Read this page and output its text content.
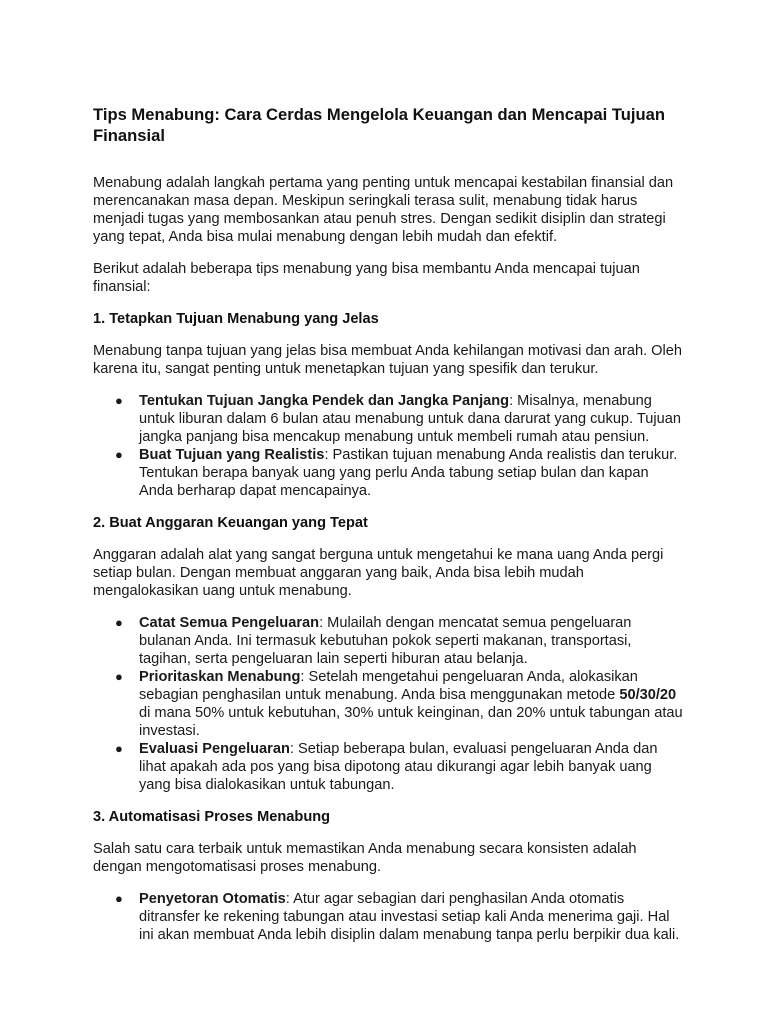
Tips Menabung: Cara Cerdas Mengelola Keuangan dan Mencapai Tujuan Finansial

Menabung adalah langkah pertama yang penting untuk mencapai kestabilan finansial dan merencanakan masa depan. Meskipun seringkali terasa sulit, menabung tidak harus menjadi tugas yang membosankan atau penuh stres. Dengan sedikit disiplin dan strategi yang tepat, Anda bisa mulai menabung dengan lebih mudah dan efektif.

Berikut adalah beberapa tips menabung yang bisa membantu Anda mencapai tujuan finansial:

1. Tetapkan Tujuan Menabung yang Jelas

Menabung tanpa tujuan yang jelas bisa membuat Anda kehilangan motivasi dan arah. Oleh karena itu, sangat penting untuk menetapkan tujuan yang spesifik dan terukur.

● Tentukan Tujuan Jangka Pendek dan Jangka Panjang: Misalnya, menabung untuk liburan dalam 6 bulan atau menabung untuk dana darurat yang cukup. Tujuan jangka panjang bisa mencakup menabung untuk membeli rumah atau pensiun.
● Buat Tujuan yang Realistis: Pastikan tujuan menabung Anda realistis dan terukur. Tentukan berapa banyak uang yang perlu Anda tabung setiap bulan dan kapan Anda berharap dapat mencapainya.
2. Buat Anggaran Keuangan yang Tepat

Anggaran adalah alat yang sangat berguna untuk mengetahui ke mana uang Anda pergi setiap bulan. Dengan membuat anggaran yang baik, Anda bisa lebih mudah mengalokasikan uang untuk menabung.

● Catat Semua Pengeluaran: Mulailah dengan mencatat semua pengeluaran bulanan Anda. Ini termasuk kebutuhan pokok seperti makanan, transportasi, tagihan, serta pengeluaran lain seperti hiburan atau belanja.
● Prioritaskan Menabung: Setelah mengetahui pengeluaran Anda, alokasikan sebagian penghasilan untuk menabung. Anda bisa menggunakan metode 50/30/20 di mana 50% untuk kebutuhan, 30% untuk keinginan, dan 20% untuk tabungan atau investasi.
● Evaluasi Pengeluaran: Setiap beberapa bulan, evaluasi pengeluaran Anda dan lihat apakah ada pos yang bisa dipotong atau dikurangi agar lebih banyak uang yang bisa dialokasikan untuk tabungan.
3. Automatisasi Proses Menabung

Salah satu cara terbaik untuk memastikan Anda menabung secara konsisten adalah dengan mengotomatisasi proses menabung.

● Penyetoran Otomatis: Atur agar sebagian dari penghasilan Anda otomatis ditransfer ke rekening tabungan atau investasi setiap kali Anda menerima gaji. Hal ini akan membuat Anda lebih disiplin dalam menabung tanpa perlu berpikir dua kali.
